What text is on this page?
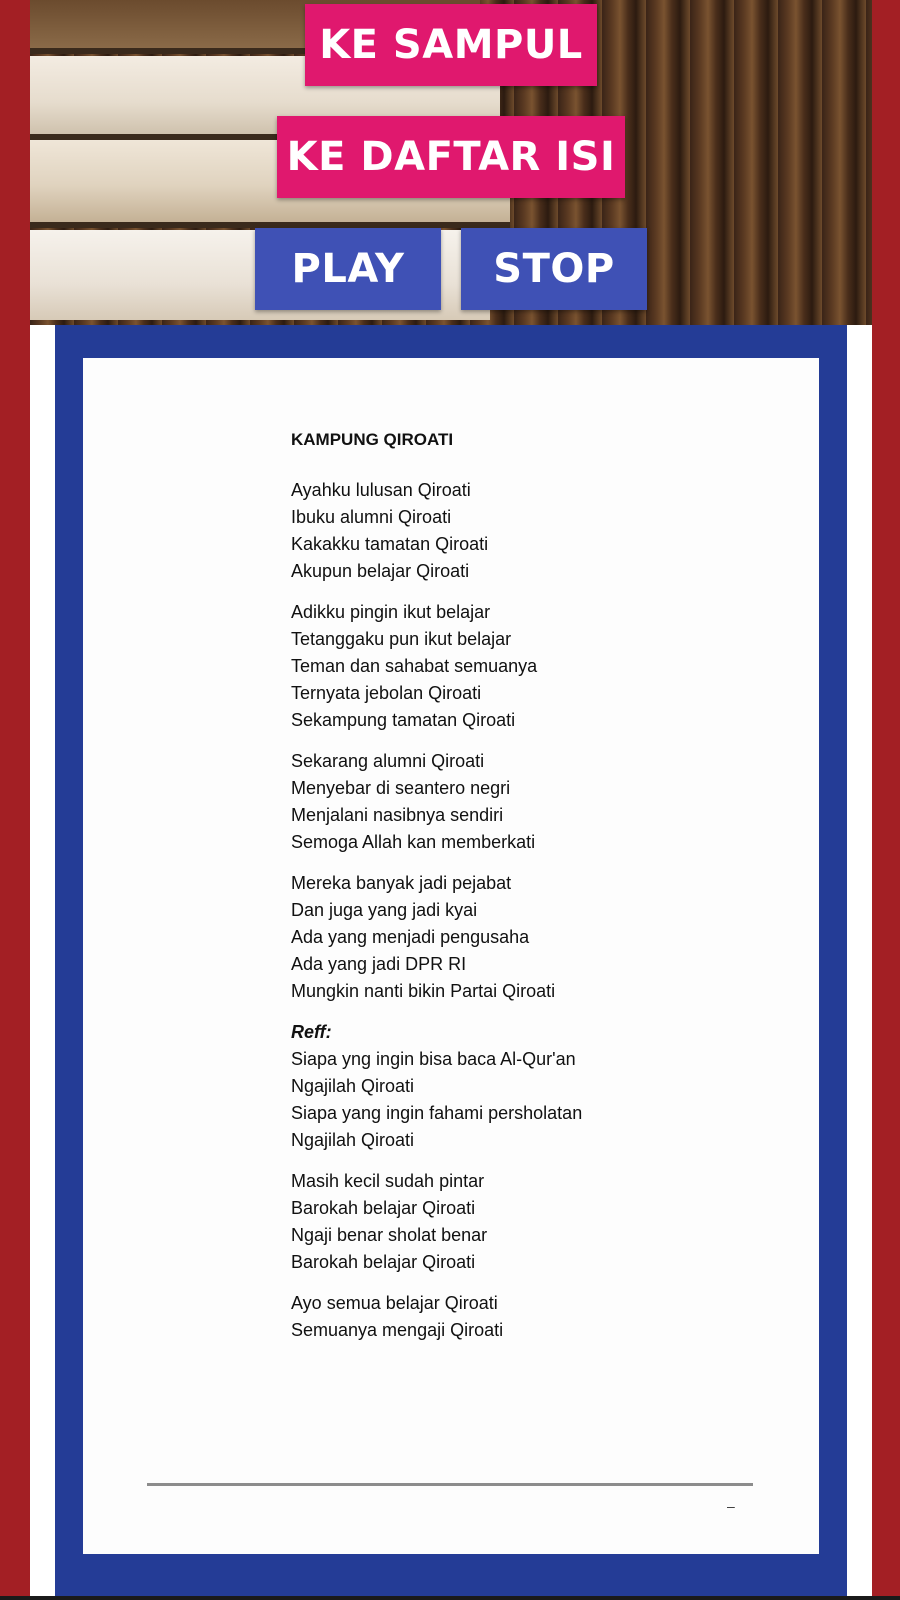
KE SAMPUL
KE DAFTAR ISI
PLAY	STOP
KAMPUNG QIROATI
Ayahku lulusan Qiroati
Ibuku alumni Qiroati
Kakakku tamatan Qiroati
Akupun belajar Qiroati
Adikku pingin ikut belajar
Tetanggaku pun ikut belajar
Teman dan sahabat semuanya
Ternyata jebolan Qiroati
Sekampung tamatan Qiroati
Sekarang alumni Qiroati
Menyebar di seantero negri
Menjalani nasibnya sendiri
Semoga Allah kan memberkati
Mereka banyak jadi pejabat
Dan juga yang jadi kyai
Ada yang menjadi pengusaha
Ada yang jadi DPR RI
Mungkin nanti bikin Partai Qiroati
Reff:
Siapa yng ingin bisa baca Al-Qur'an
Ngajilah Qiroati
Siapa yang ingin fahami persholatan
Ngajilah Qiroati
Masih kecil sudah pintar
Barokah belajar Qiroati
Ngaji benar sholat benar
Barokah belajar Qiroati
Ayo semua belajar Qiroati
Semuanya mengaji Qiroati
–
